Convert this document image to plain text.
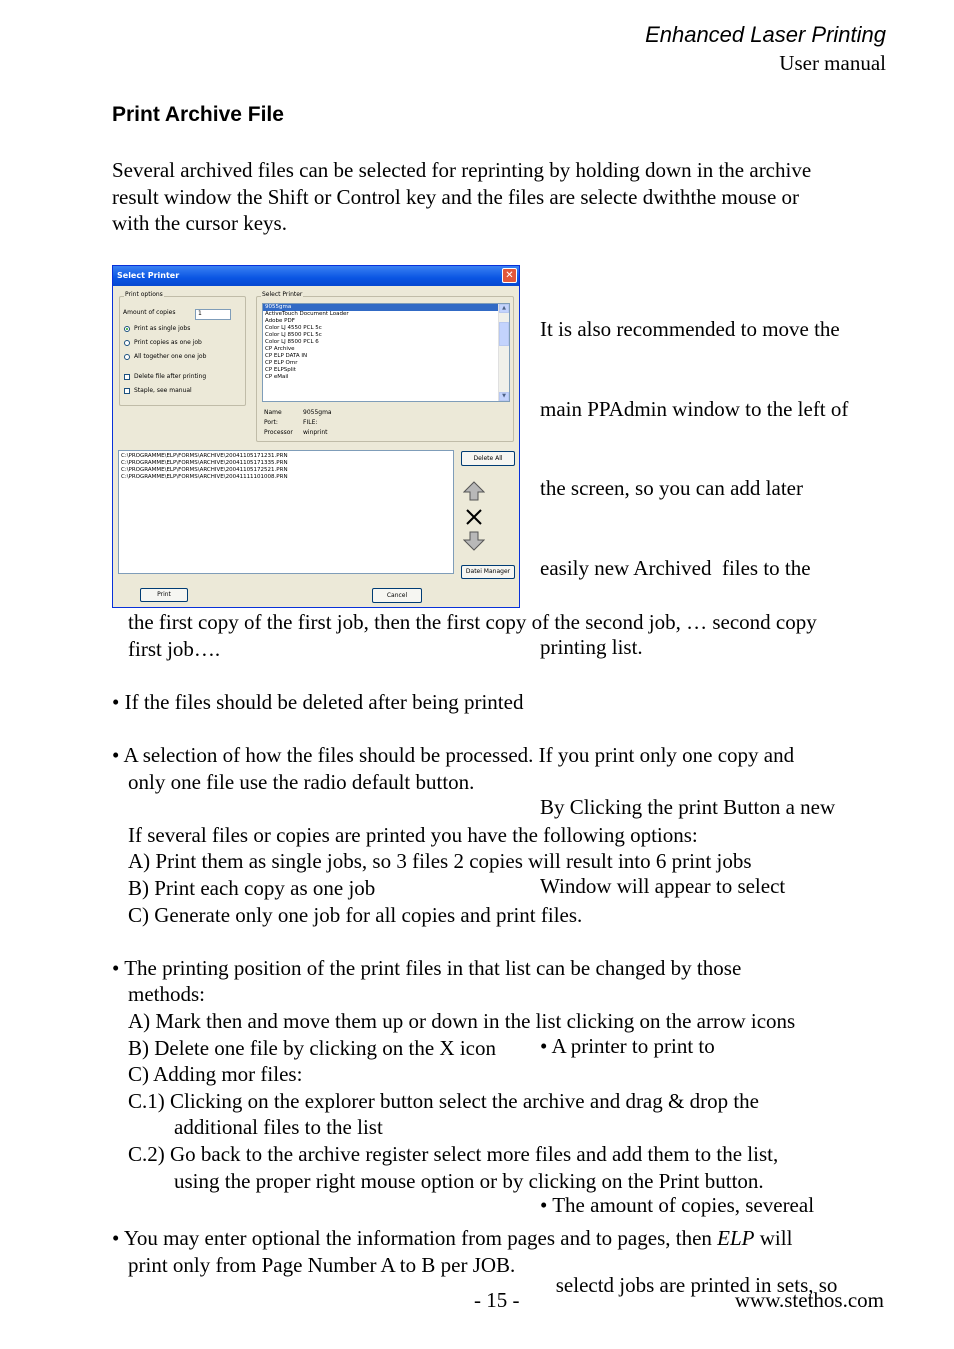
Enhanced Laser Printing
User manual
Print Archive File
Several archived files can be selected for reprinting by holding down in the archive
result window the Shift or Control key and the files are selecte dwiththe mouse or
with the cursor keys.
Select Printer	✕
Print options
Amount of copies	1
Print as single jobs
Print copies as one job
All together one one job
Delete file after printing
Staple, see manual
Select Printer
9055gma
ActiveTouch Document Loader
Adobe PDF
Color LJ 4550 PCL 5c
Color LJ 8500 PCL 5c
Color LJ 8500 PCL 6
CP Archive
CP ELP DATA IN
CP ELP Omr
CP ELPSplit
CP eMail
▲
▼
Name	9055gma
Port:	FILE:
Processor winprint
C:\PROGRAMME\ELP\FORMS\ARCHIVE\20041105171231.PRN
C:\PROGRAMME\ELP\FORMS\ARCHIVE\20041105171335.PRN
C:\PROGRAMME\ELP\FORMS\ARCHIVE\20041105172521.PRN
C:\PROGRAMME\ELP\FORMS\ARCHIVE\20041111101008.PRN
Delete All
Datei Manager
Print	Cancel

It is also recommended to move the

main PPAdmin window to the left of

the screen, so you can add later

easily new Archived  files to the

printing list.

By Clicking the print Button a new

Window will appear to select

• A printer to print to

• The amount of copies, severeal

selectd jobs are printed in sets, so

the first copy of the first job, then the first copy of the second job, … second copy
first job….
• If the files should be deleted after being printed
• A selection of how the files should be processed. If you print only one copy and
only one file use the radio default button.
If several files or copies are printed you have the following options:
A) Print them as single jobs, so 3 files 2 copies will result into 6 print jobs
B) Print each copy as one job
C) Generate only one job for all copies and print files.
• The printing position of the print files in that list can be changed by those
methods:
A) Mark then and move them up or down in the list clicking on the arrow icons
B) Delete one file by clicking on the X icon
C) Adding mor files:
C.1) Clicking on the explorer button select the archive and drag & drop the
additional files to the list
C.2) Go back to the archive register select more files and add them to the list,
using the proper right mouse option or by clicking on the Print button.
• You may enter optional the information from pages and to pages, then ELP will
print only from Page Number A to B per JOB.
- 15 -	www.stethos.com
